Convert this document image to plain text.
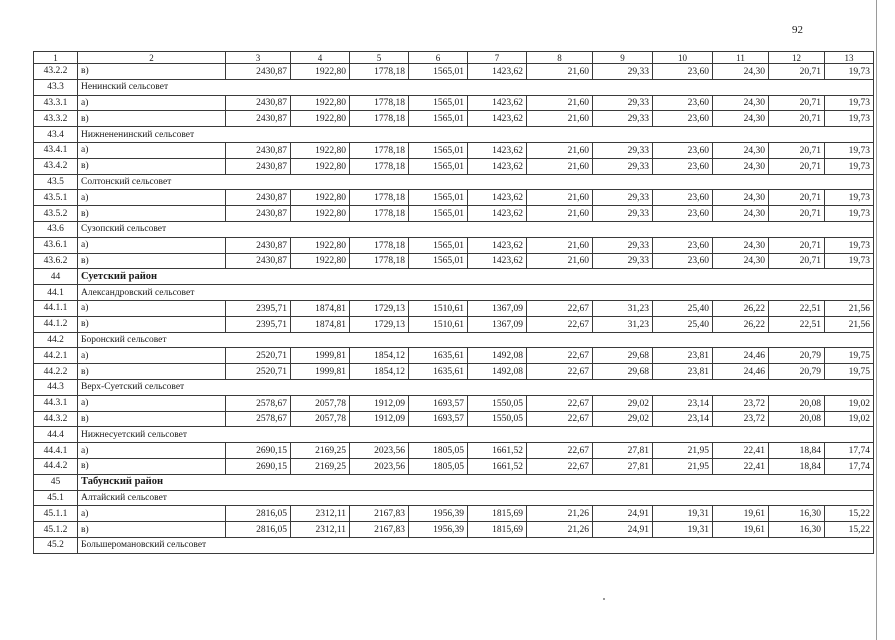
92
1	2	3	4	5	6	7	8	9	10	11	12	13
43.2.2	в)	2430,87	1922,80	1778,18	1565,01	1423,62	21,60	29,33	23,60	24,30	20,71	19,73
43.3	Ненинский сельсовет											
43.3.1	а)	2430,87	1922,80	1778,18	1565,01	1423,62	21,60	29,33	23,60	24,30	20,71	19,73
43.3.2	в)	2430,87	1922,80	1778,18	1565,01	1423,62	21,60	29,33	23,60	24,30	20,71	19,73
43.4	Нижнененинский сельсовет											
43.4.1	а)	2430,87	1922,80	1778,18	1565,01	1423,62	21,60	29,33	23,60	24,30	20,71	19,73
43.4.2	в)	2430,87	1922,80	1778,18	1565,01	1423,62	21,60	29,33	23,60	24,30	20,71	19,73
43.5	Солтонский сельсовет											
43.5.1	а)	2430,87	1922,80	1778,18	1565,01	1423,62	21,60	29,33	23,60	24,30	20,71	19,73
43.5.2	в)	2430,87	1922,80	1778,18	1565,01	1423,62	21,60	29,33	23,60	24,30	20,71	19,73
43.6	Сузопский сельсовет											
43.6.1	а)	2430,87	1922,80	1778,18	1565,01	1423,62	21,60	29,33	23,60	24,30	20,71	19,73
43.6.2	в)	2430,87	1922,80	1778,18	1565,01	1423,62	21,60	29,33	23,60	24,30	20,71	19,73
44	Суетский район											
44.1	Александровский сельсовет											
44.1.1	а)	2395,71	1874,81	1729,13	1510,61	1367,09	22,67	31,23	25,40	26,22	22,51	21,56
44.1.2	в)	2395,71	1874,81	1729,13	1510,61	1367,09	22,67	31,23	25,40	26,22	22,51	21,56
44.2	Боронский сельсовет											
44.2.1	а)	2520,71	1999,81	1854,12	1635,61	1492,08	22,67	29,68	23,81	24,46	20,79	19,75
44.2.2	в)	2520,71	1999,81	1854,12	1635,61	1492,08	22,67	29,68	23,81	24,46	20,79	19,75
44.3	Верх-Суетский сельсовет											
44.3.1	а)	2578,67	2057,78	1912,09	1693,57	1550,05	22,67	29,02	23,14	23,72	20,08	19,02
44.3.2	в)	2578,67	2057,78	1912,09	1693,57	1550,05	22,67	29,02	23,14	23,72	20,08	19,02
44.4	Нижнесуетский сельсовет											
44.4.1	а)	2690,15	2169,25	2023,56	1805,05	1661,52	22,67	27,81	21,95	22,41	18,84	17,74
44.4.2	в)	2690,15	2169,25	2023,56	1805,05	1661,52	22,67	27,81	21,95	22,41	18,84	17,74
45	Табунский район											
45.1	Алтайский сельсовет											
45.1.1	а)	2816,05	2312,11	2167,83	1956,39	1815,69	21,26	24,91	19,31	19,61	16,30	15,22
45.1.2	в)	2816,05	2312,11	2167,83	1956,39	1815,69	21,26	24,91	19,31	19,61	16,30	15,22
45.2	Большеромановский сельсовет											
